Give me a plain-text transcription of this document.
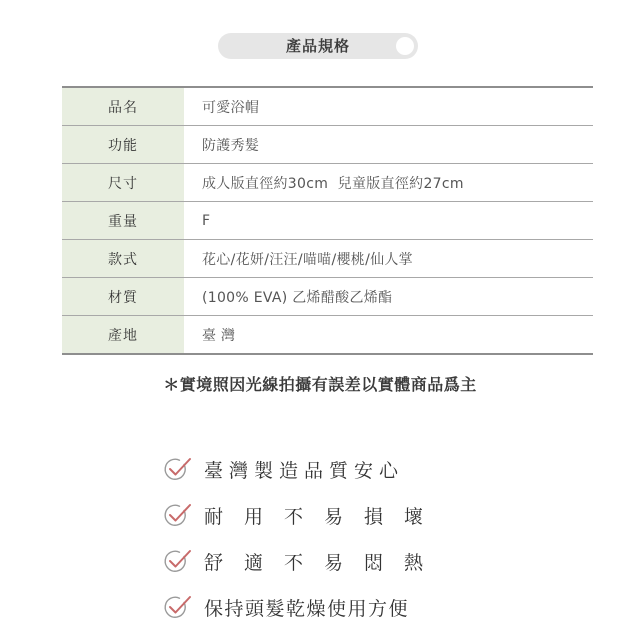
產品規格
品名	可愛浴帽
功能	防護秀髮
尺寸	成人版直徑約30cm  兒童版直徑約27cm
重量	F
款式	花心/花妍/汪汪/喵喵/櫻桃/仙人掌
材質	(100% EVA) 乙烯醋酸乙烯酯
產地	臺 灣
＊實境照因光線拍攝有誤差以實體商品爲主
臺灣製造品質安心
耐用不易損壞
舒適不易悶熱
保持頭髮乾燥使用方便
